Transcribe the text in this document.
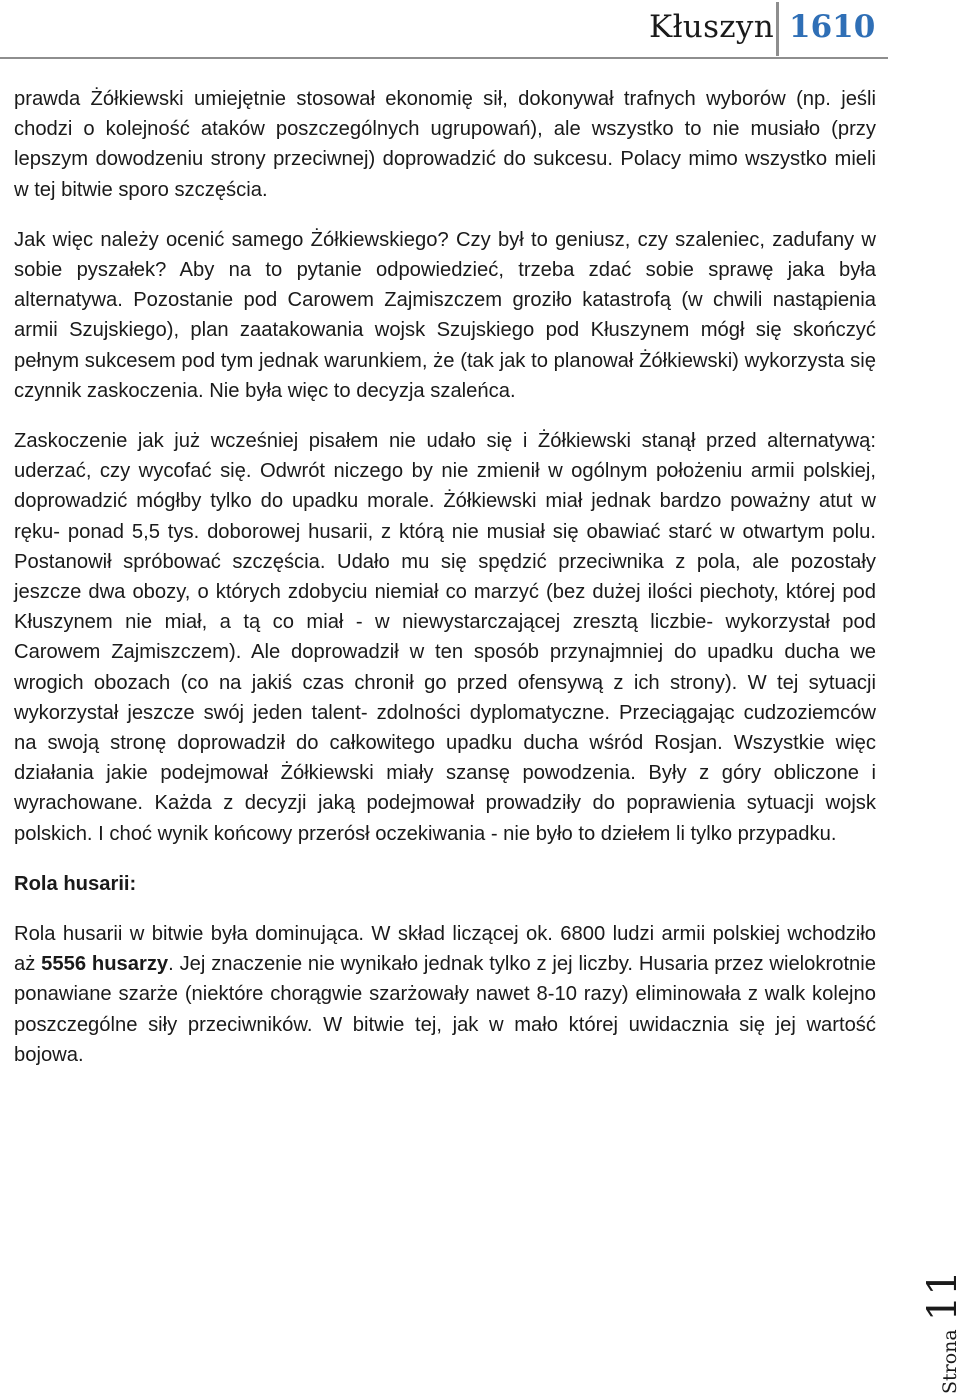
Kłuszyn 1610

prawda Żółkiewski umiejętnie stosował ekonomię sił, dokonywał trafnych wyborów (np. jeśli chodzi o kolejność ataków poszczególnych ugrupowań), ale wszystko to nie musiało (przy lepszym dowodzeniu strony przeciwnej) doprowadzić do sukcesu. Polacy mimo wszystko mieli w tej bitwie sporo szczęścia.

Jak więc należy ocenić samego Żółkiewskiego? Czy był to geniusz, czy szaleniec, zadufany w sobie pyszałek? Aby na to pytanie odpowiedzieć, trzeba zdać sobie sprawę jaka była alternatywa. Pozostanie pod Carowem Zajmiszczem groziło katastrofą (w chwili nastąpienia armii Szujskiego), plan zaatakowania wojsk Szujskiego pod Kłuszynem mógł się skończyć pełnym sukcesem pod tym jednak warunkiem, że (tak jak to planował Żółkiewski) wykorzysta się czynnik zaskoczenia. Nie była więc to decyzja szaleńca.

Zaskoczenie jak już wcześniej pisałem nie udało się i Żółkiewski stanął przed alternatywą: uderzać, czy wycofać się. Odwrót niczego by nie zmienił w ogólnym położeniu armii polskiej, doprowadzić mógłby tylko do upadku morale. Żółkiewski miał jednak bardzo poważny atut w ręku- ponad 5,5 tys. doborowej husarii, z którą nie musiał się obawiać starć w otwartym polu. Postanowił spróbować szczęścia. Udało mu się spędzić przeciwnika z pola, ale pozostały jeszcze dwa obozy, o których zdobyciu niemiał co marzyć (bez dużej ilości piechoty, której pod Kłuszynem nie miał, a tą co miał - w niewystarczającej zresztą liczbie- wykorzystał pod Carowem Zajmiszczem). Ale doprowadził w ten sposób przynajmniej do upadku ducha we wrogich obozach (co na jakiś czas chronił go przed ofensywą z ich strony). W tej sytuacji wykorzystał jeszcze swój jeden talent- zdolności dyplomatyczne. Przeciągając cudzoziemców na swoją stronę doprowadził do całkowitego upadku ducha wśród Rosjan. Wszystkie więc działania jakie podejmował Żółkiewski miały szansę powodzenia. Były z góry obliczone i wyrachowane. Każda z decyzji jaką podejmował prowadziły do poprawienia sytuacji wojsk polskich. I choć wynik końcowy przerósł oczekiwania - nie było to dziełem li tylko przypadku.

Rola husarii:

Rola husarii w bitwie była dominująca. W skład liczącej ok. 6800 ludzi armii polskiej wchodziło aż 5556 husarzy. Jej znaczenie nie wynikało jednak tylko z jej liczby. Husaria przez wielokrotnie ponawiane szarże (niektóre chorągwie szarżowały nawet 8-10 razy) eliminowała z walk kolejno poszczególne siły przeciwników. W bitwie tej, jak w mało której uwidacznia się jej wartość bojowa.

Strona
11
